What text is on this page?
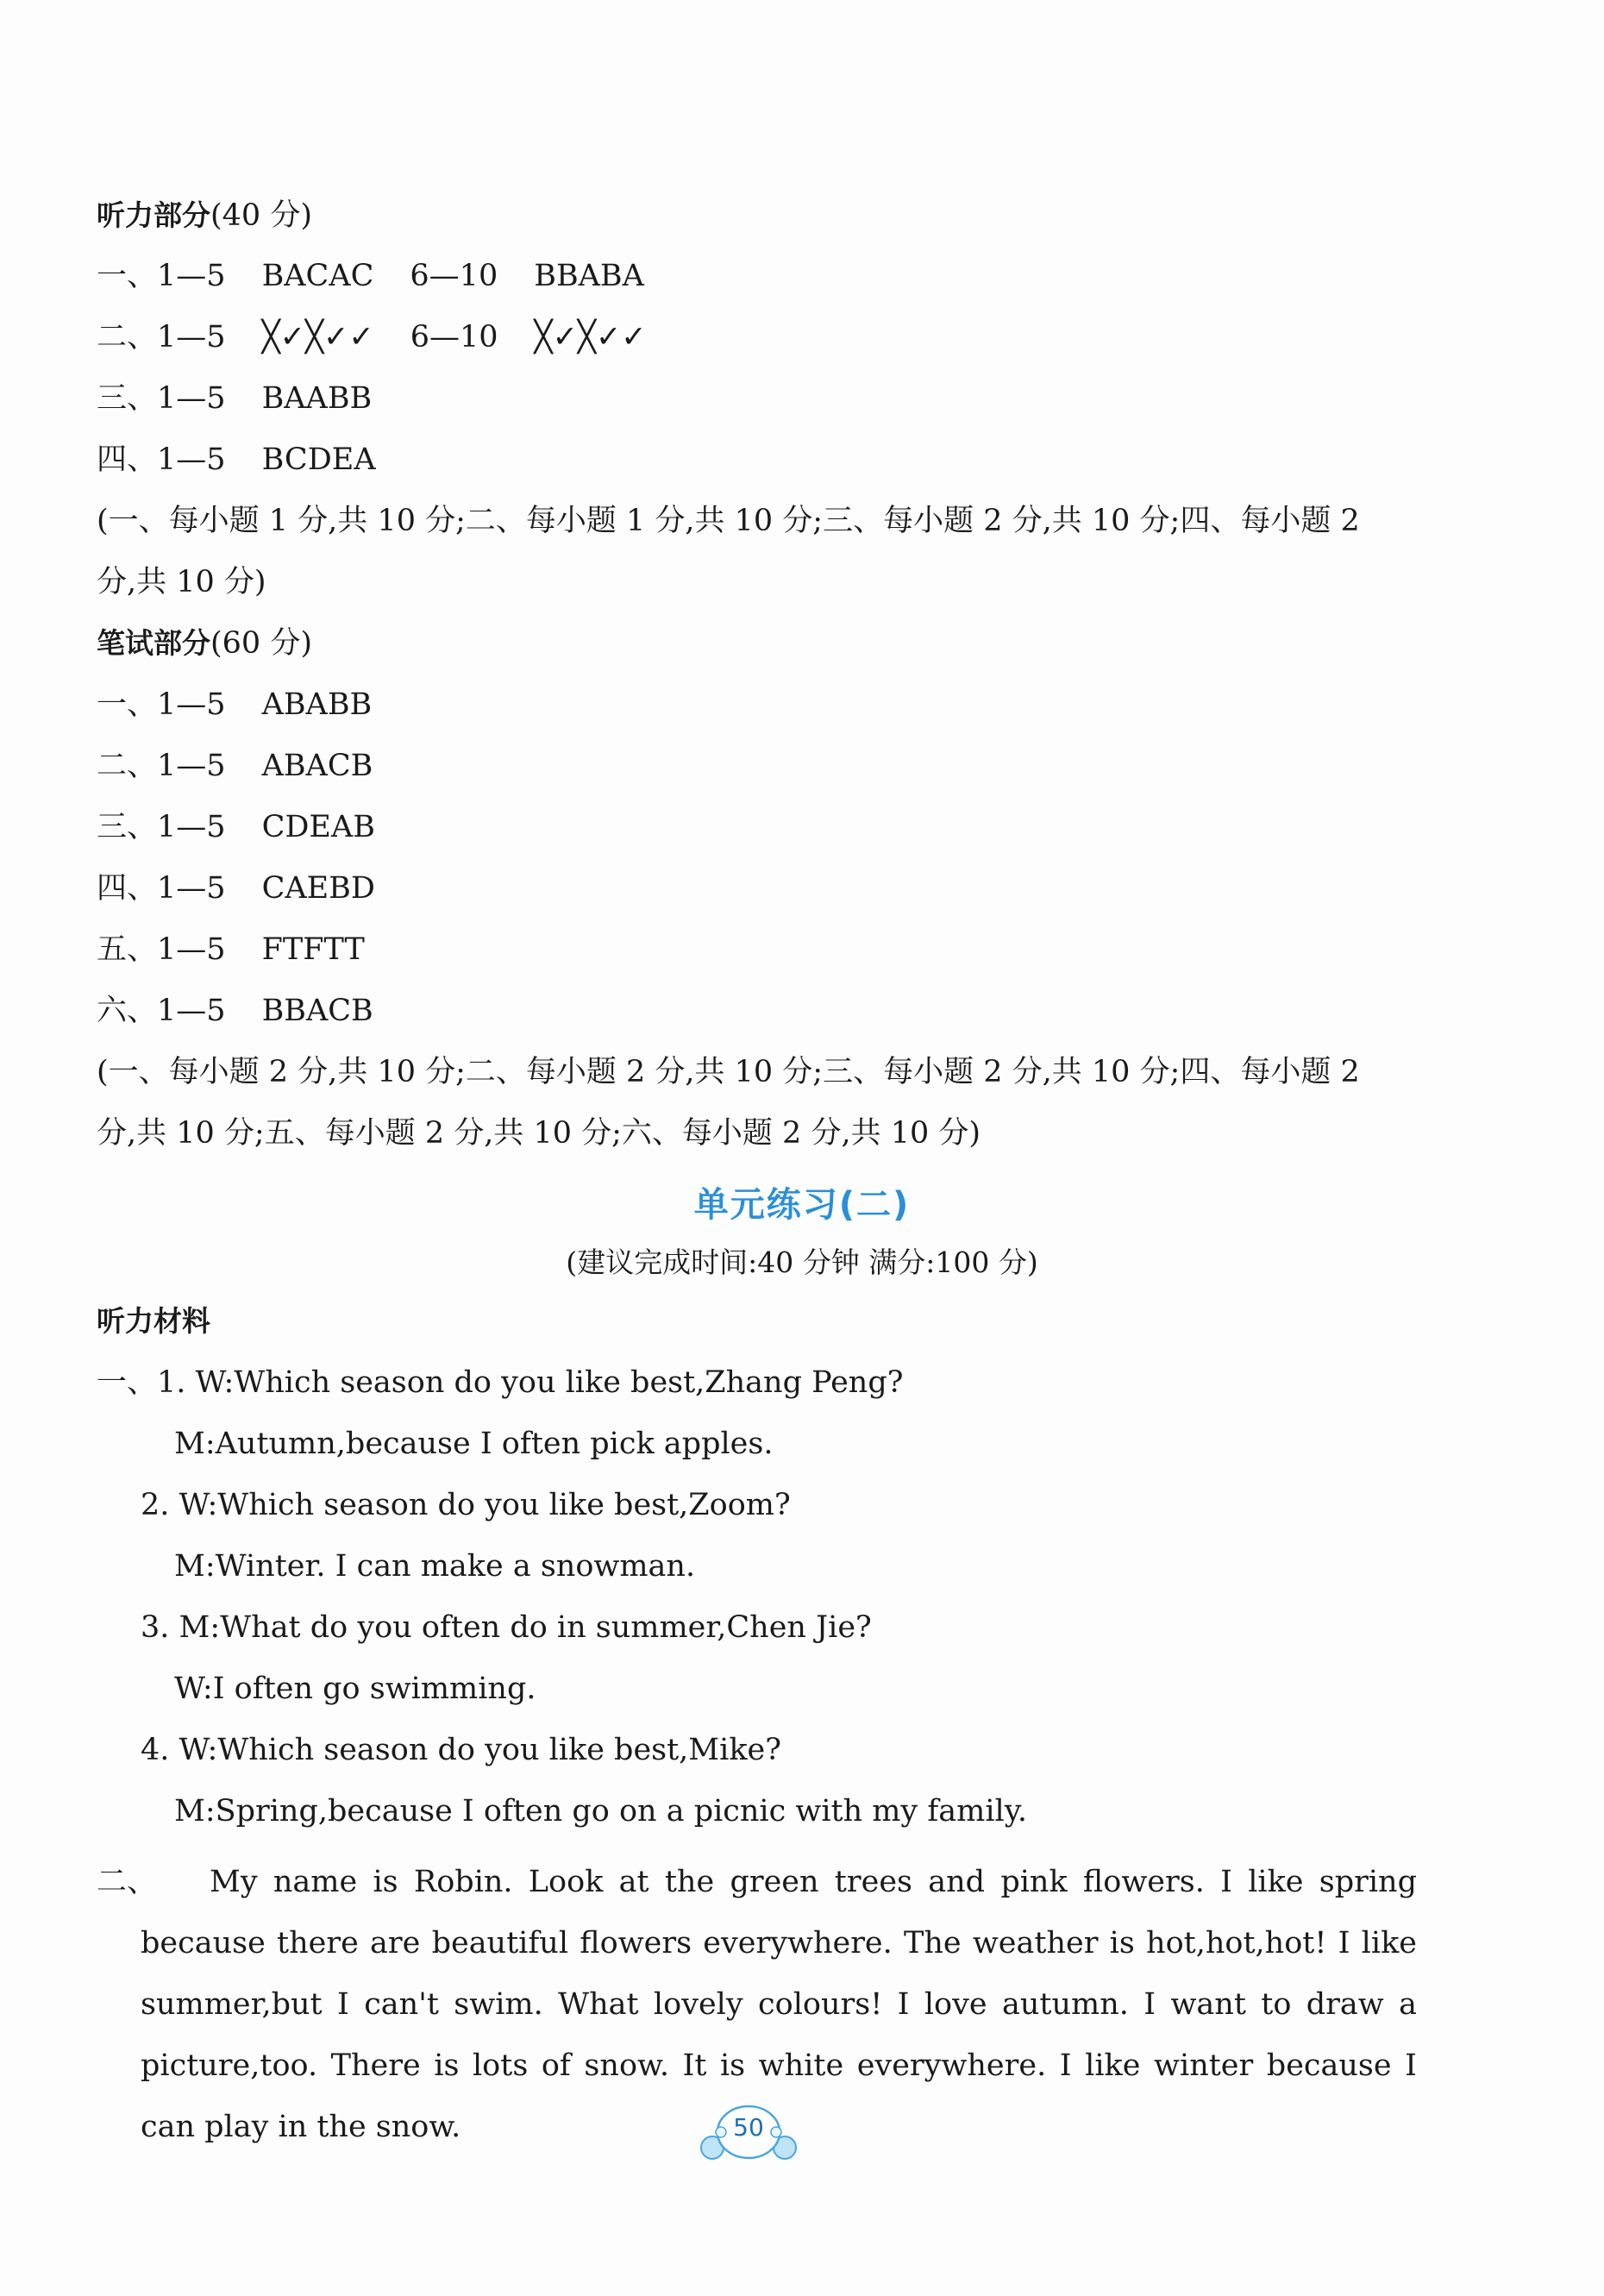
听力部分(40 分)
一、1—5 BACAC 6—10 BBABA
二、1—5 ╳✓╳✓✓ 6—10 ╳✓╳✓✓
三、1—5 BAABB
四、1—5 BCDEA
(一、每小题 1 分,共 10 分;二、每小题 1 分,共 10 分;三、每小题 2 分,共 10 分;四、每小题 2
分,共 10 分)
笔试部分(60 分)
一、1—5 ABABB
二、1—5 ABACB
三、1—5 CDEAB
四、1—5 CAEBD
五、1—5 FTFTT
六、1—5 BBACB
(一、每小题 2 分,共 10 分;二、每小题 2 分,共 10 分;三、每小题 2 分,共 10 分;四、每小题 2
分,共 10 分;五、每小题 2 分,共 10 分;六、每小题 2 分,共 10 分)
单元练习(二)
(建议完成时间:40 分钟 满分:100 分)
听力材料
一、1. W:Which season do you like best,Zhang Peng?
M:Autumn,because I often pick apples.
2. W:Which season do you like best,Zoom?
M:Winter. I can make a snowman.
3. M:What do you often do in summer,Chen Jie?
W:I often go swimming.
4. W:Which season do you like best,Mike?
M:Spring,because I often go on a picnic with my family.
二、	My name is Robin. Look at the green trees and pink flowers. I like spring because there are beautiful flowers everywhere. The weather is hot,hot,hot! I like summer,but I can't swim. What lovely colours! I love autumn. I want to draw a picture,too. There is lots of snow. It is white everywhere. I like winter because I can play in the snow.	50
